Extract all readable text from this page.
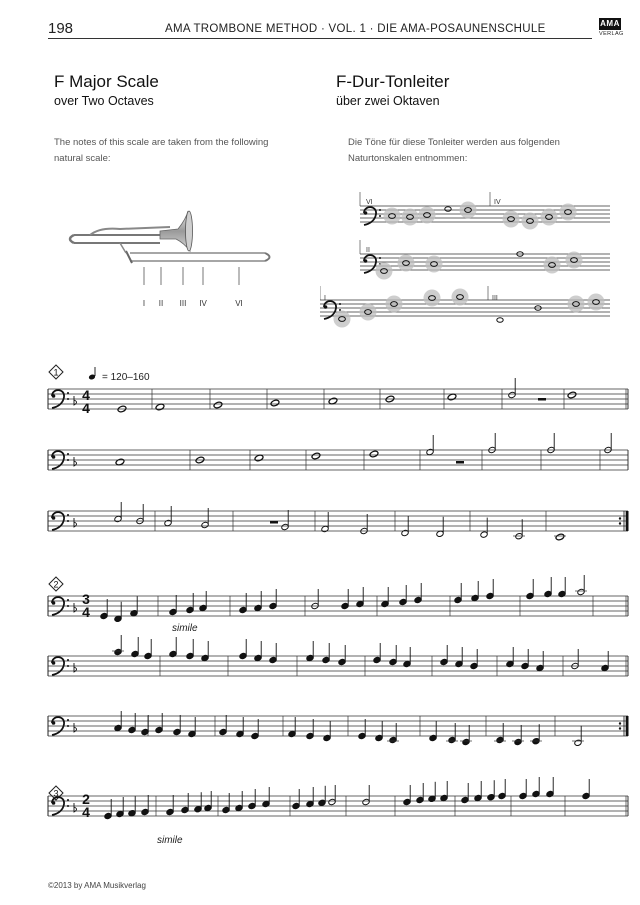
198	AMA TROMBONE METHOD · VOL. 1 · DIE AMA-POSAUNENSCHULE	AMA
VERLAG
F Major Scale
over Two Octaves
F-Dur-Tonleiter
über zwei Oktaven
The notes of this scale are taken from the following
natural scale:
Die Töne für diese Tonleiter werden aus folgenden
Naturtonskalen entnommen:
I II III IV	VI
VI	IV
II
I	III
1
2
3
= 120–160
4
4
3
4
2
4
simile
simile
©2013 by AMA Musikverlag
